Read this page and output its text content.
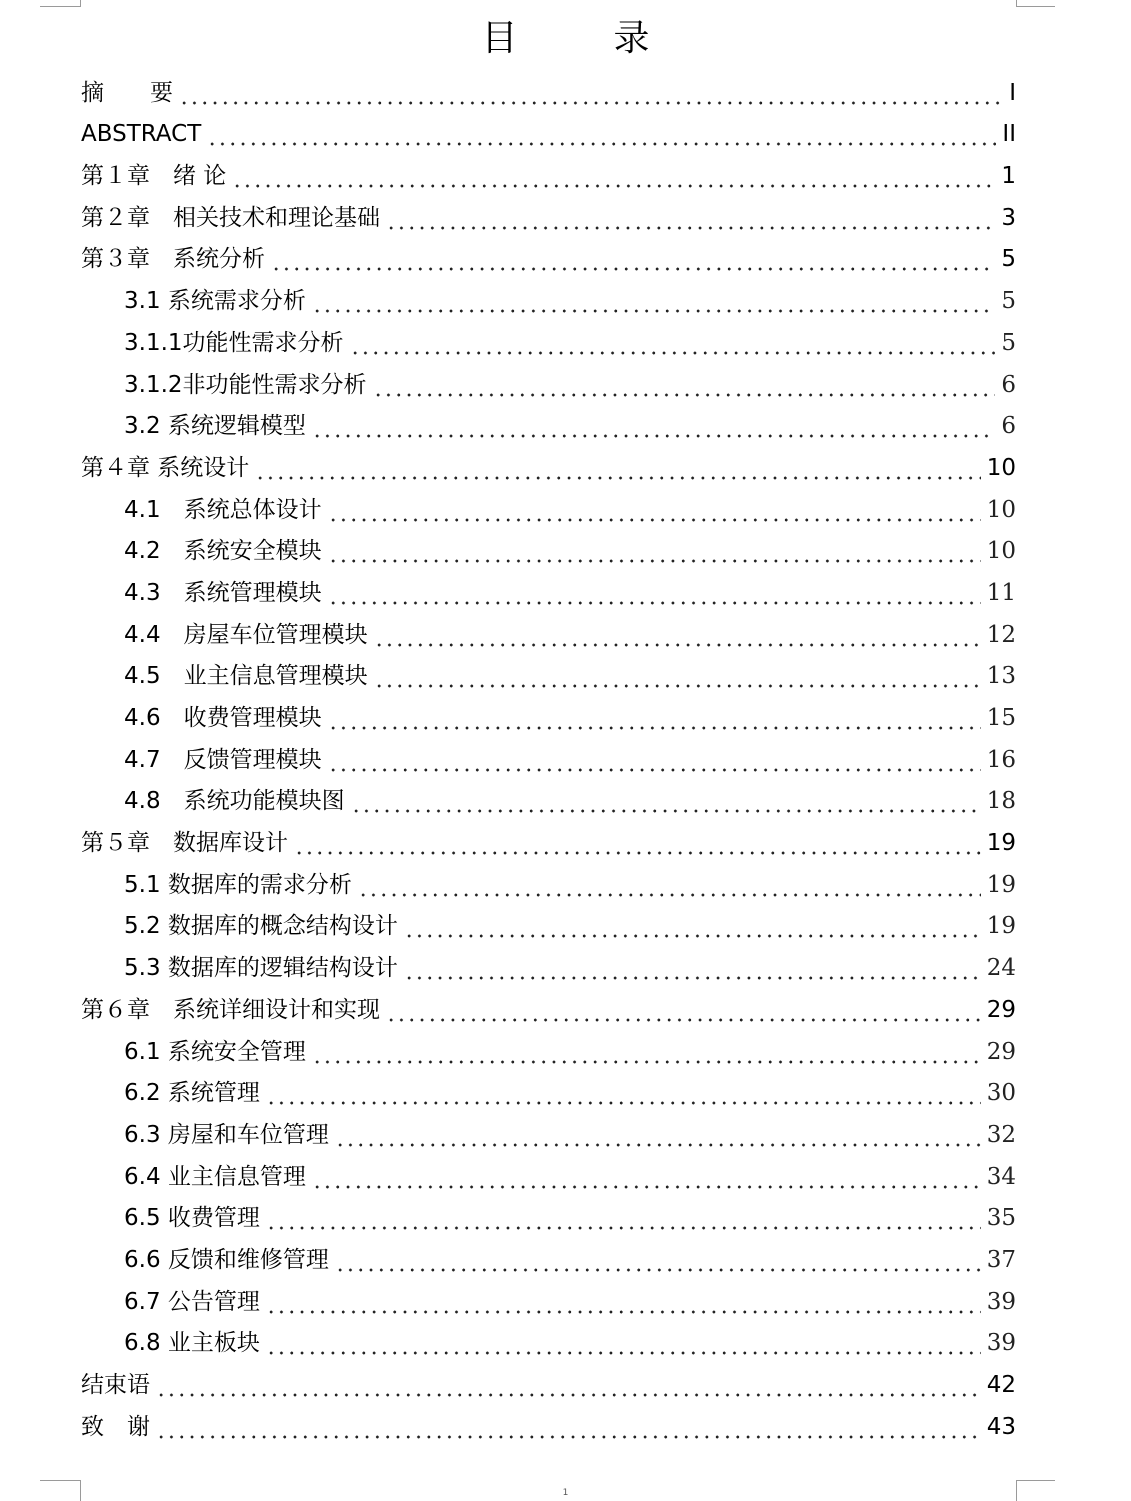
目　录
摘　　要	I
ABSTRACT	II
第１章　绪 论	1
第２章　相关技术和理论基础	3
第３章　系统分析	5
3.1 系统需求分析	5
3.1.1功能性需求分析	5
3.1.2非功能性需求分析	6
3.2 系统逻辑模型	6
第４章 系统设计	10
4.1　系统总体设计	10
4.2　系统安全模块	10
4.3　系统管理模块	11
4.4　房屋车位管理模块	12
4.5　业主信息管理模块	13
4.6　收费管理模块	15
4.7　反馈管理模块	16
4.8　系统功能模块图	18
第５章　数据库设计	19
5.1 数据库的需求分析	19
5.2 数据库的概念结构设计	19
5.3 数据库的逻辑结构设计	24
第６章　系统详细设计和实现	29
6.1 系统安全管理	29
6.2 系统管理	30
6.3 房屋和车位管理	32
6.4 业主信息管理	34
6.5 收费管理	35
6.6 反馈和维修管理	37
6.7 公告管理	39
6.8 业主板块	39
结束语	42
致　谢	43
1
